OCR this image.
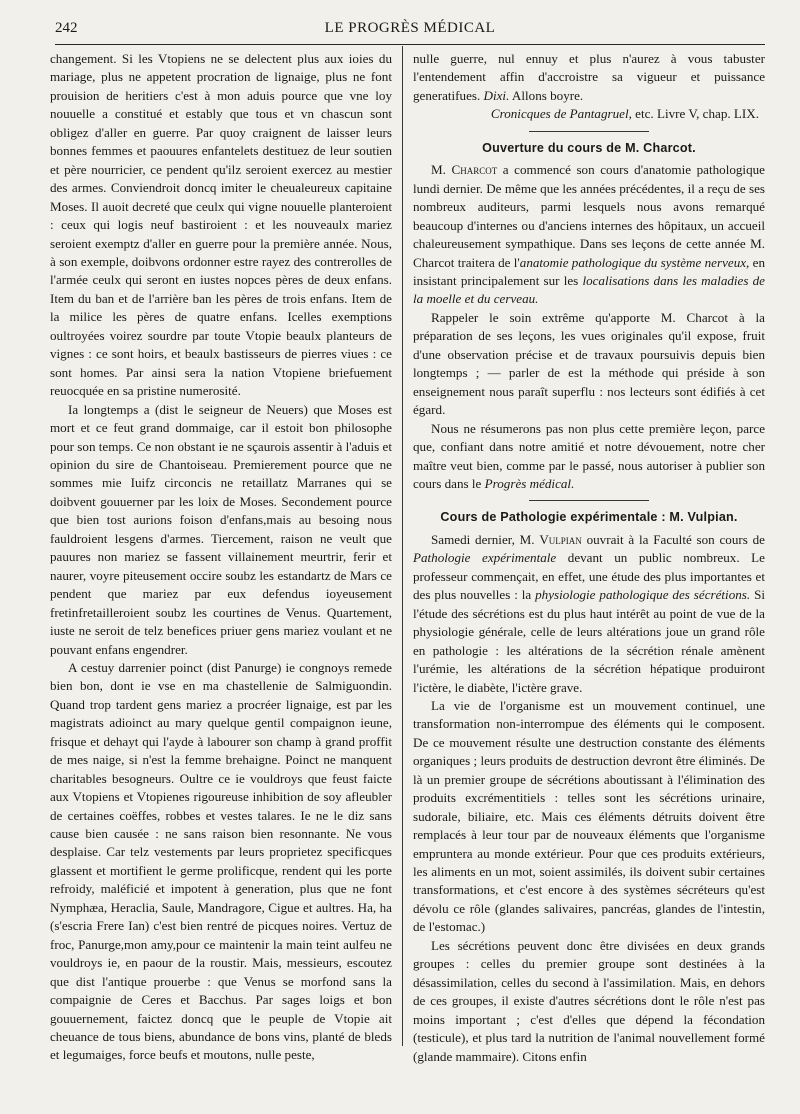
242	LE PROGRÈS MÉDICAL

changement. Si les Vtopiens ne se delectent plus aux ioies du mariage, plus ne appetent procration de lignaige, plus ne font prouision de heritiers c'est à mon aduis pource que vne loy nouuelle a constitué et estably que tous et vn chascun sont obligez d'aller en guerre. Par quoy craignent de laisser leurs bonnes femmes et paouures enfantelets destituez de leur soutien et père nourricier, ce pendent qu'ilz seroient exercez au mestier des armes. Conviendroit doncq imiter le cheualeureux capitaine Moses. Il auoit decreté que ceulx qui vigne nouuelle planteroient : ceux qui logis neuf bastiroient : et les nouveaulx mariez seroient exemptz d'aller en guerre pour la première année. Nous, à son exemple, doibvons ordonner estre rayez des contrerolles de l'armée ceulx qui seront en iustes nopces pères de deux enfans. Item du ban et de l'arrière ban les pères de trois enfans. Item de la milice les pères de quatre enfans. Icelles exemptions oultroyées voirez sourdre par toute Vtopie beaulx planteurs de vignes : ce sont hoirs, et beaulx bastisseurs de pierres viues : ce sont homes. Par ainsi sera la nation Vtopiene briefuement reuocquée en sa pristine numerosité.

Ia longtemps a (dist le seigneur de Neuers) que Moses est mort et ce feut grand dommaige, car il estoit bon philosophe pour son temps. Ce non obstant ie ne sçaurois assentir à l'aduis et opinion du sire de Chantoiseau. Premierement pource que ne sommes mie Iuifz circoncis ne retaillatz Marranes qui se doibvent gouuerner par les loix de Moses. Secondement pource que bien tost aurions foison d'enfans,mais au besoing nous fauldroient lesgens d'armes. Tiercement, raison ne veult que pauures non mariez se fassent villainement meurtrir, ferir et naurer, voyre piteusement occire soubz les estandartz de Mars ce pendent que mariez par eux defendus ioyeusement fretinfretailleroient soubz les courtines de Venus. Quartement, iuste ne seroit de telz benefices priuer gens mariez voulant et ne pouvant enfans engendrer.

A cestuy darrenier poinct (dist Panurge) ie congnoys remede bien bon, dont ie vse en ma chastellenie de Salmiguondin. Quand trop tardent gens mariez a procréer lignaige, est par les magistrats adioinct au mary quelque gentil compaignon ieune, frisque et dehayt qui l'ayde à labourer son champ à grand proffit de mes naige, si n'est la femme brehaigne. Poinct ne manquent charitables besogneurs. Oultre ce ie vouldroys que feust faicte aux Vtopiens et Vtopienes rigoureuse inhibition de soy afleubler de certaines coëffes, robbes et vestes talares. Ie ne le diz sans cause bien causée : ne sans raison bien resonnante. Ne vous desplaise. Car telz vestements par leurs proprietez specificques glassent et mortifient le germe prolificque, rendent qui les porte refroidy, maléficié et impotent à generation, plus que ne font Nymphæa, Heraclia, Saule, Mandragore, Cigue et aultres. Ha, ha (s'escria Frere Ian) c'est bien rentré de picques noires. Vertuz de froc, Panurge,mon amy,pour ce maintenir la main teint aulfeu ne vouldroys ie, en paour de la roustir. Mais, messieurs, escoutez que dist l'antique prouerbe : que Venus se morfond sans la compaignie de Ceres et Bacchus. Par sages loigs et bon gouuernement, faictez doncq que le peuple de Vtopie ait cheuance de tous biens, abundance de bons vins, planté de bleds et legumaiges, force beufs et moutons, nulle peste,

nulle guerre, nul ennuy et plus n'aurez à vous tabuster l'entendement affin d'accroistre sa vigueur et puissance generatifues. Dixi. Allons boyre.

Cronicques de Pantagruel, etc. Livre V, chap. LIX.

Ouverture du cours de M. Charcot.

M. Charcot a commencé son cours d'anatomie pathologique lundi dernier. De même que les années précédentes, il a reçu de ses nombreux auditeurs, parmi lesquels nous avons remarqué beaucoup d'internes ou d'anciens internes des hôpitaux, un accueil chaleureusement sympathique. Dans ses leçons de cette année M. Charcot traitera de l'anatomie pathologique du système nerveux, en insistant principalement sur les localisations dans les maladies de la moelle et du cerveau.

Rappeler le soin extrême qu'apporte M. Charcot à la préparation de ses leçons, les vues originales qu'il expose, fruit d'une observation précise et de travaux poursuivis depuis bien longtemps ; — parler de est la méthode qui préside à son enseignement nous paraît superflu : nos lecteurs sont édifiés à cet égard.

Nous ne résumerons pas non plus cette première leçon, parce que, confiant dans notre amitié et notre dévouement, notre cher maître veut bien, comme par le passé, nous autoriser à publier son cours dans le Progrès médical.

Cours de Pathologie expérimentale : M. Vulpian.

Samedi dernier, M. Vulpian ouvrait à la Faculté son cours de Pathologie expérimentale devant un public nombreux. Le professeur commençait, en effet, une étude des plus importantes et des plus nouvelles : la physiologie pathologique des sécrétions. Si l'étude des sécrétions est du plus haut intérêt au point de vue de la physiologie générale, celle de leurs altérations joue un grand rôle en pathologie : les altérations de la sécrétion rénale amènent l'urémie, les altérations de la sécrétion hépatique produiront l'ictère, le diabète, l'ictère grave.

La vie de l'organisme est un mouvement continuel, une transformation non-interrompue des éléments qui le composent. De ce mouvement résulte une destruction constante des éléments organiques ; leurs produits de destruction devront être éliminés. De là un premier groupe de sécrétions aboutissant à l'élimination des produits excrémentitiels : telles sont les sécrétions urinaire, sudorale, biliaire, etc. Mais ces éléments détruits doivent être remplacés à leur tour par de nouveaux éléments que l'organisme empruntera au monde extérieur. Pour que ces produits extérieurs, les aliments en un mot, soient assimilés, ils doivent subir certaines transformations, et c'est encore à des systèmes sécréteurs qu'est dévolu ce rôle (glandes salivaires, pancréas, glandes de l'intestin, de l'estomac.)

Les sécrétions peuvent donc être divisées en deux grands groupes : celles du premier groupe sont destinées à la désassimilation, celles du second à l'assimilation. Mais, en dehors de ces groupes, il existe d'autres sécrétions dont le rôle n'est pas moins important ; c'est d'elles que dépend la fécondation (testicule), et plus tard la nutrition de l'animal nouvellement formé (glande mammaire). Citons enfin
